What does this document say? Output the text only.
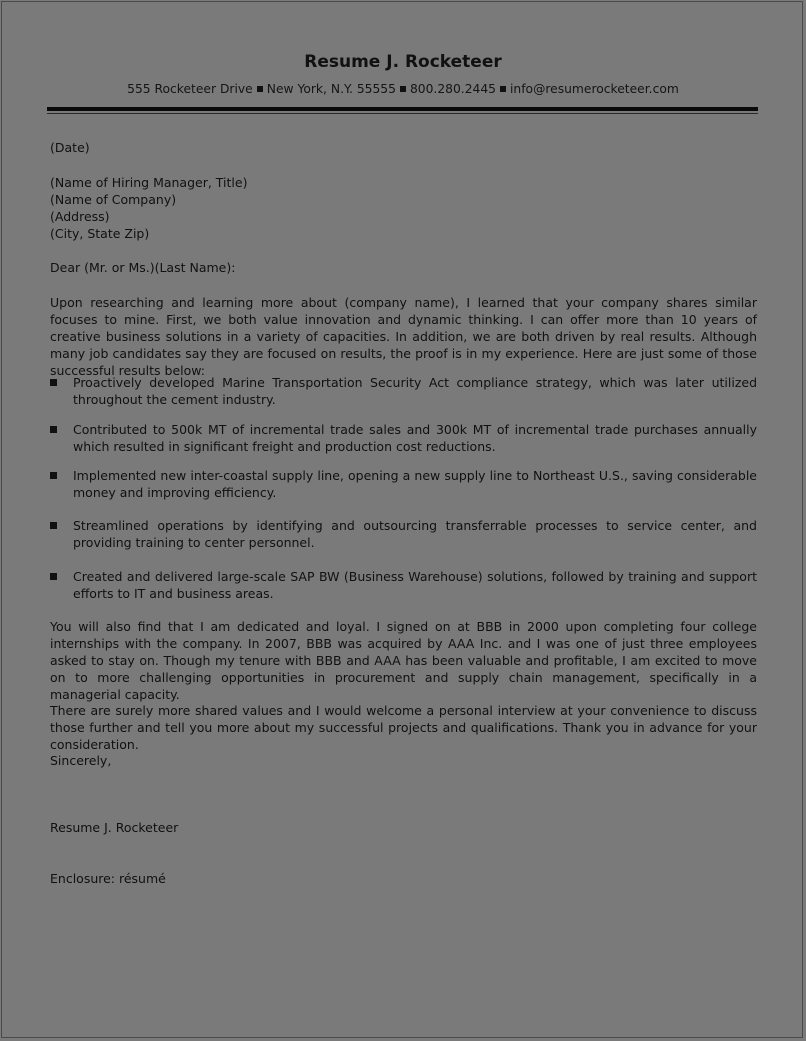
Resume J. Rocketeer
555 Rocketeer Drive New York, N.Y. 55555 800.280.2445 info@resumerocketeer.com
(Date)
(Name of Hiring Manager, Title)
(Name of Company)
(Address)
(City, State Zip)
Dear (Mr. or Ms.)(Last Name):
Upon researching and learning more about (company name), I learned that your company shares similar focuses to mine. First, we both value innovation and dynamic thinking. I can offer more than 10 years of creative business solutions in a variety of capacities. In addition, we are both driven by real results. Although many job candidates say they are focused on results, the proof is in my experience. Here are just some of those successful results below:
Proactively developed Marine Transportation Security Act compliance strategy, which was later utilized throughout the cement industry.
Contributed to 500k MT of incremental trade sales and 300k MT of incremental trade purchases annually which resulted in significant freight and production cost reductions.
Implemented new inter-coastal supply line, opening a new supply line to Northeast U.S., saving considerable money and improving efficiency.
Streamlined operations by identifying and outsourcing transferrable processes to service center, and providing training to center personnel.
Created and delivered large-scale SAP BW (Business Warehouse) solutions, followed by training and support efforts to IT and business areas.
You will also find that I am dedicated and loyal. I signed on at BBB in 2000 upon completing four college internships with the company. In 2007, BBB was acquired by AAA Inc. and I was one of just three employees asked to stay on. Though my tenure with BBB and AAA has been valuable and profitable, I am excited to move on to more challenging opportunities in procurement and supply chain management, specifically in a managerial capacity.
There are surely more shared values and I would welcome a personal interview at your convenience to discuss those further and tell you more about my successful projects and qualifications. Thank you in advance for your consideration.
Sincerely,
Resume J. Rocketeer
Enclosure: résumé
